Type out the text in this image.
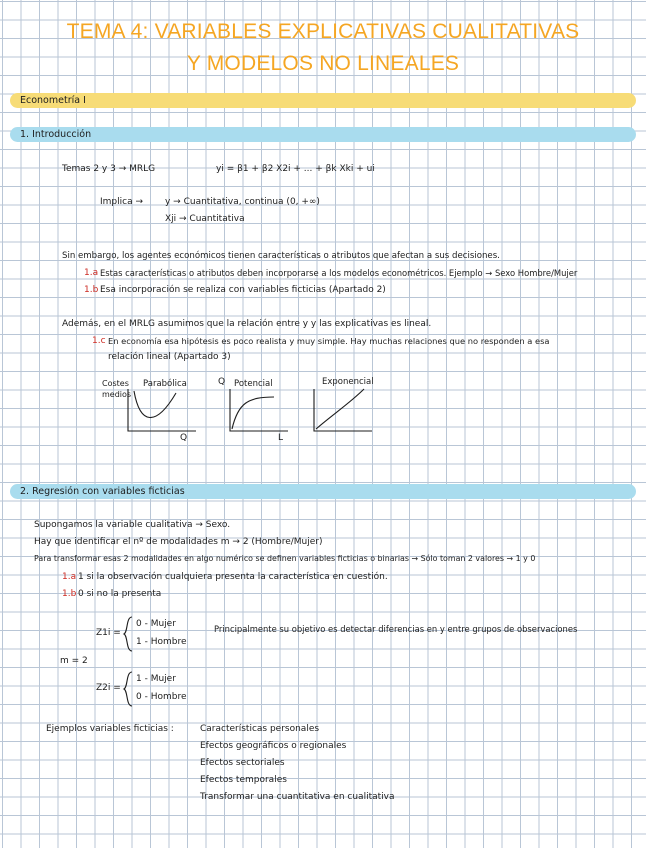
TEMA 4: VARIABLES EXPLICATIVAS CUALITATIVAS
Y MODELOS NO LINEALES
Econometría I
1. Introducción
Temas 2 y 3 → MRLG	yi = β1 + β2 X2i + ... + βk Xki + ui
Implica → y → Cuantitativa, continua (0, +∞)
Xji → Cuantitativa
Sin embargo, los agentes económicos tienen características o atributos que afectan a sus decisiones.
1.a Estas características o atributos deben incorporarse a los modelos econométricos. Ejemplo → Sexo Hombre/Mujer
1.b Esa incorporación se realiza con variables ficticias (Apartado 2)
Además, en el MRLG asumimos que la relación entre y y las explicativas es lineal.
1.c En economía esa hipótesis es poco realista y muy simple. Hay muchas relaciones que no responden a esa
relación lineal (Apartado 3)
Costes
medios
Parabólica
Q
Q Potencial
L
Exponencial
2. Regresión con variables ficticias
Supongamos la variable cualitativa → Sexo.
Hay que identificar el nº de modalidades m → 2 (Hombre/Mujer)
Para transformar esas 2 modalidades en algo numérico se definen variables ficticias o binarias → Sólo toman 2 valores → 1 y 0
1.a 1 si la observación cualquiera presenta la característica en cuestión.
1.b 0 si no la presenta
Z1i =
0 - Mujer
1 - Hombre
Principalmente su objetivo es detectar diferencias en y entre grupos de observaciones
m = 2
Z2i =
1 - Mujer
0 - Hombre
Ejemplos variables ficticias :	Características personales
Efectos geográficos o regionales
Efectos sectoriales
Efectos temporales
Transformar una cuantitativa en cualitativa
